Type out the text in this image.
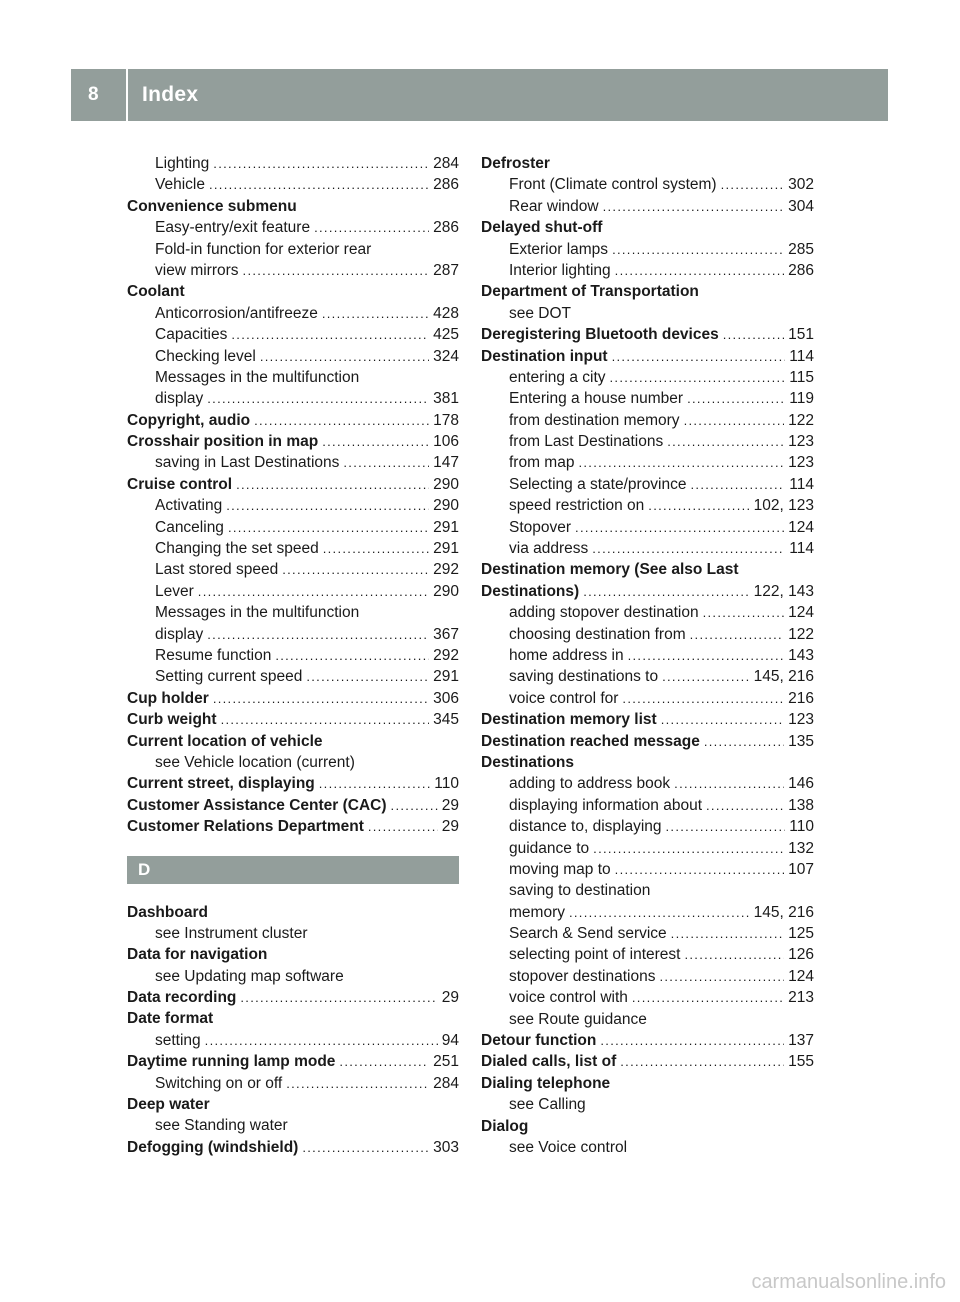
8	Index
Lighting .....	284
Vehicle .....	286
Convenience submenu
Easy-entry/exit feature .....	286
Fold-in function for exterior rear
view mirrors .....	287
Coolant
Anticorrosion/antifreeze .....	428
Capacities .....	425
Checking level .....	324
Messages in the multifunction
display .....	381
Copyright, audio .....	178
Crosshair position in map .....	106
saving in Last Destinations .....	147
Cruise control .....	290
Activating .....	290
Canceling .....	291
Changing the set speed .....	291
Last stored speed .....	292
Lever .....	290
Messages in the multifunction
display .....	367
Resume function .....	292
Setting current speed .....	291
Cup holder .....	306
Curb weight .....	345
Current location of vehicle
see Vehicle location (current)
Current street, displaying .....	110
Customer Assistance Center (CAC) .....	29
Customer Relations Department .....	29
D
Dashboard
see Instrument cluster
Data for navigation
see Updating map software
Data recording .....	29
Date format
setting .....	94
Daytime running lamp mode .....	251
Switching on or off .....	284
Deep water
see Standing water
Defogging (windshield) .....	303
Defroster
Front (Climate control system) .....	302
Rear window .....	304
Delayed shut-off
Exterior lamps .....	285
Interior lighting .....	286
Department of Transportation
see DOT
Deregistering Bluetooth devices .....	151
Destination input .....	114
entering a city .....	115
Entering a house number .....	119
from destination memory .....	122
from Last Destinations .....	123
from map .....	123
Selecting a state/province .....	114
speed restriction on .....	102, 123
Stopover .....	124
via address .....	114
Destination memory (See also Last
Destinations) .....	122, 143
adding stopover destination .....	124
choosing destination from .....	122
home address in .....	143
saving destinations to .....	145, 216
voice control for .....	216
Destination memory list .....	123
Destination reached message .....	135
Destinations
adding to address book .....	146
displaying information about .....	138
distance to, displaying .....	110
guidance to .....	132
moving map to .....	107
saving to destination
memory .....	145, 216
Search & Send service .....	125
selecting point of interest .....	126
stopover destinations .....	124
voice control with .....	213
see Route guidance
Detour function .....	137
Dialed calls, list of .....	155
Dialing telephone
see Calling
Dialog
see Voice control
carmanualsonline.info
